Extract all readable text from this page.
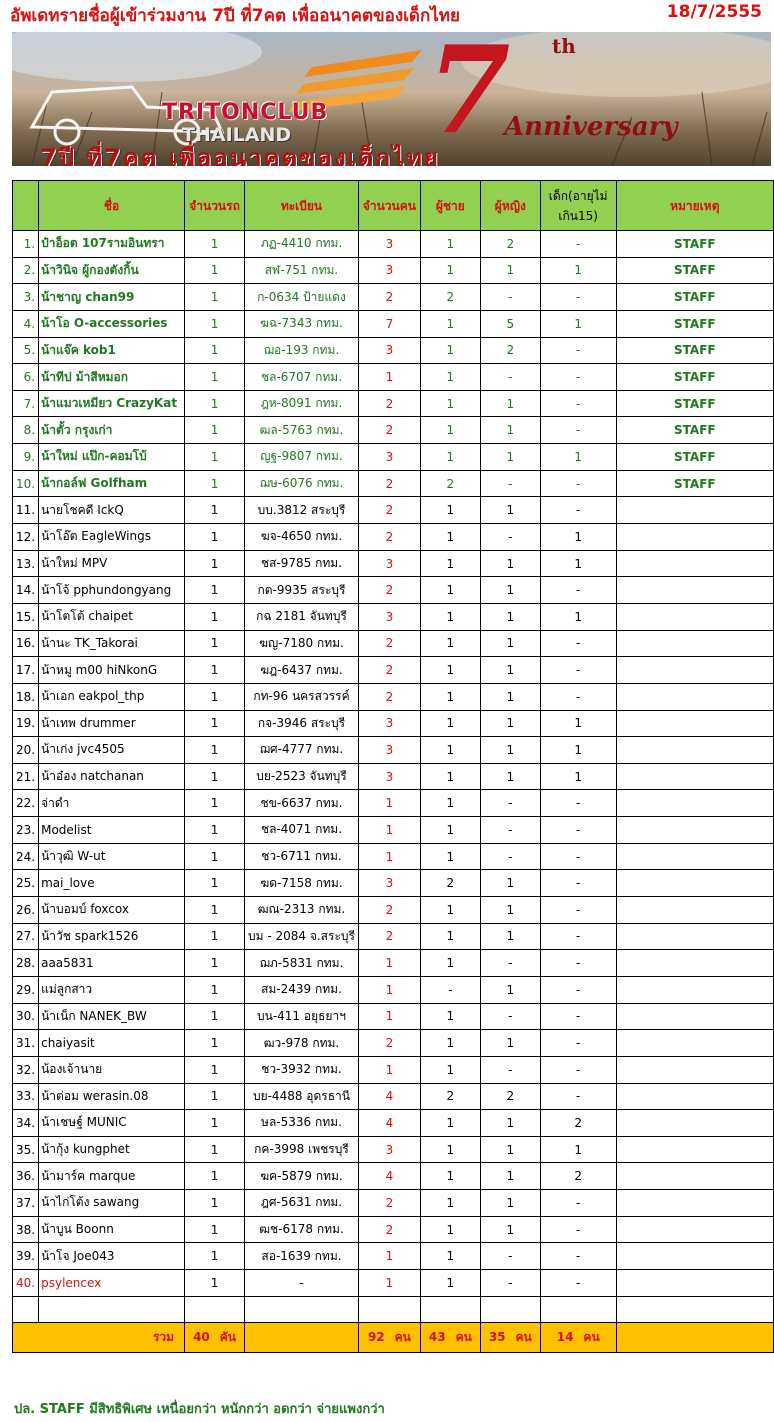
อัพเดทรายชื่อผู้เข้าร่วมงาน 7ปี ที่7คต เพื่ออนาคตของเด็กไทย	18/7/2555
TRITONCLUB
THAILAND 7 th
Anniversary
7ปี ที่7คต เพื่ออนาคตของเด็กไทย
	ชื่อ	จำนวนรถ	ทะเบียน	จำนวนคน	ผู้ชาย	ผู้หญิง	เด็ก(อายุไม่เกิน15)	หมายเหตุ
1.	ป๋าอ็อต 107รามอินทรา	1	ภฏ-4410 กทม.	3	1	2	-	STAFF
2.	น้าวินิจ ผู้กองตังกิ้น	1	สฬ-751 กทม.	3	1	1	1	STAFF
3.	น้าชาญ chan99	1	ก-0634 ป้ายแดง	2	2	-	-	STAFF
4.	น้าโอ O-accessories	1	ฆฉ-7343 กทม.	7	1	5	1	STAFF
5.	น้าแจ๊ค kob1	1	ฌอ-193 กทม.	3	1	2	-	STAFF
6.	น้าทีป ม้าสีหมอก	1	ชล-6707 กทม.	1	1	-	-	STAFF
7.	น้าแมวเหมียว CrazyKat	1	ฎห-8091 กทม.	2	1	1	-	STAFF
8.	น้าตั้ว กรุงเก่า	1	ฒล-5763 กทม.	2	1	1	-	STAFF
9.	น้าใหม่ แป๊ก-คอมโบ้	1	ญฐ-9807 กทม.	3	1	1	1	STAFF
10.	น้ากอล์ฟ Golfham	1	ฌษ-6076 กทม.	2	2	-	-	STAFF
11.	นายโชคดี IckQ	1	บบ.3812 สระบุรี	2	1	1	-	
12.	น้าโอ๊ต EagleWings	1	ฆจ-4650 กทม.	2	1	-	1	
13.	น้าใหม่ MPV	1	ชส-9785 กทม.	3	1	1	1	
14.	น้าโจ้ pphundongyang	1	กต-9935 สระบุรี	2	1	1	-	
15.	น้าโตโต้ chaipet	1	กฉ 2181 จันทบุรี	3	1	1	1	
16.	น้านะ TK_Takorai	1	ฆญ-7180 กทม.	2	1	1	-	
17.	น้าหมู m00 hiNkonG	1	ฆฎ-6437 กทม.	2	1	1	-	
18.	น้าเอก eakpol_thp	1	กท-96 นครสวรรค์	2	1	1	-	
19.	น้าเทพ drummer	1	กจ-3946 สระบุรี	3	1	1	1	
20.	น้าเก่ง jvc4505	1	ฌศ-4777 กทม.	3	1	1	1	
21.	น้าอ๋อง natchanan	1	บย-2523 จันทบุรี	3	1	1	1	
22.	จ่าดำ	1	ชข-6637 กทม.	1	1	-	-	
23.	Modelist	1	ชล-4071 กทม.	1	1	-	-	
24.	น้าวุฒิ W-ut	1	ชว-6711 กทม.	1	1	-	-	
25.	mai_love	1	ฆด-7158 กทม.	3	2	1	-	
26.	น้าบอมบ์ foxcox	1	ฒณ-2313 กทม.	2	1	1	-	
27.	น้าวัช spark1526	1	บม - 2084 จ.สระบุรี	2	1	1	-	
28.	aaa5831	1	ฌภ-5831 กทม.	1	1	-	-	
29.	แม่ลูกสาว	1	สม-2439 กทม.	1	-	1	-	
30.	น้าเน็ก NANEK_BW	1	บน-411 อยุธยาฯ	1	1	-	-	
31.	chaiyasit	1	ฒว-978 กทม.	2	1	1	-	
32.	น้องเจ้านาย	1	ชว-3932 กทม.	1	1	-	-	
33.	น้าต่อม werasin.08	1	บย-4488 อุดรธานี	4	2	2	-	
34.	น้าเชษฐ์ MUNIC	1	ษล-5336 กทม.	4	1	1	2	
35.	น้ากุ้ง kungphet	1	กค-3998 เพชรบุรี	3	1	1	1	
36.	น้ามาร์ค marque	1	ฆค-5879 กทม.	4	1	1	2	
37.	น้าไก่โต้ง sawang	1	ฎศ-5631 กทม.	2	1	1	-	
38.	น้าบูน Boonn	1	ฒช-6178 กทม.	2	1	1	-	
39.	น้าโจ Joe043	1	สอ-1639 กทม.	1	1	-	-	
40.	psylencex	1	-	1	1	-	-	

รวม		40 คัน		92 คน	43 คน	35 คน	14 คน	
ปล. STAFF มีสิทธิพิเศษ เหนื่อยกว่า หนักกว่า อดกว่า จ่ายแพงกว่า
